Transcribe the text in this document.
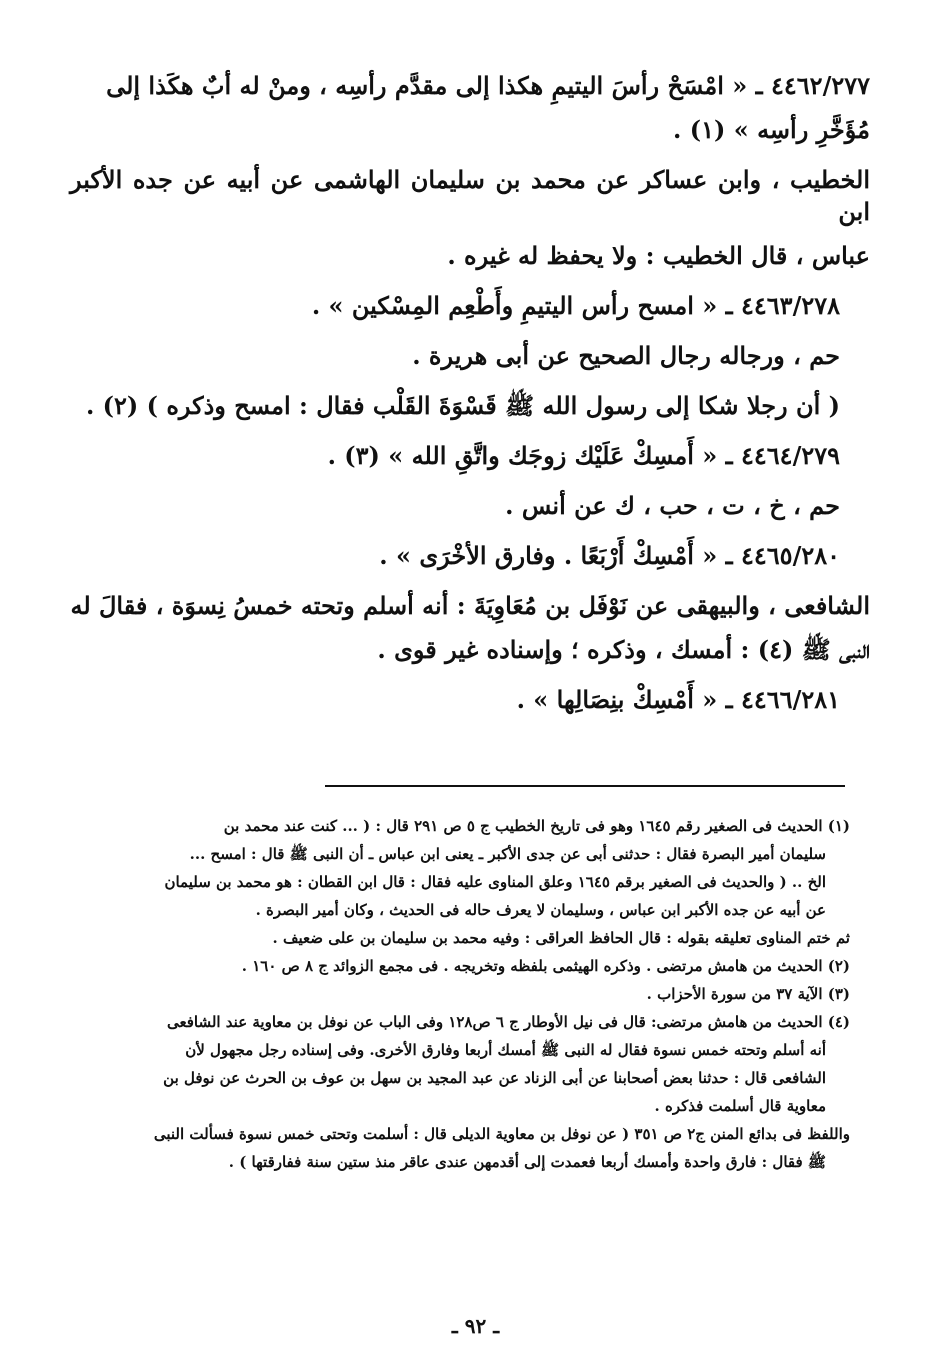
٤٤٦٢/٢٧٧ ـ « امْسَحْ رأسَ اليتيمِ هكذا إلى مقدَّم رأسِه ، ومنْ له أبٌ هكَذا إلى

مُؤَخَّرِ رأسِه » (١) .

الخطيب ، وابن عساكر عن محمد بن سليمان الهاشمى عن أبيه عن جده الأكبر ابن

عباس ، قال الخطيب : ولا يحفظ له غيره .

٤٤٦٣/٢٧٨ ـ « امسح رأس اليتيمِ وأَطْعِم المِسْكين » .

حم ، ورجاله رجال الصحيح عن أبى هريرة .

( أن رجلا شكا إلى رسول الله ﷺ قَسْوَةَ القَلْب فقال : امسح وذكره ) (٢) .

٤٤٦٤/٢٧٩ ـ « أَمسِكْ عَلَيْك زوجَك واتَّقِ الله » (٣) .

حم ، خ ، ت ، حب ، ك عن أنس .

٤٤٦٥/٢٨٠ ـ « أَمْسِكْ أَرْبَعًا . وفارق الأخْرَى » .

الشافعى ، والبيهقى عن نَوْفَل بن مُعَاوِيَةَ : أنه أسلم وتحته خمسُ نِسوَة ، فقالَ له

النبى ﷺ (٤) : أمسك ، وذكره ؛ وإسناده غير قوى .

٤٤٦٦/٢٨١ ـ « أَمْسِكْ بنِصَالِها » .

(١) الحديث فى الصغير رقم ١٦٤٥ وهو فى تاريخ الخطيب ج ٥ ص ٢٩١ قال : ( ... كنت عند محمد بن

سليمان أمير البصرة فقال : حدثنى أبى عن جدى الأكبر ـ يعنى ابن عباس ـ أن النبى ﷺ قال : امسح ...

الخ .. ( والحديث فى الصغير برقم ١٦٤٥ وعلق المناوى عليه فقال : قال ابن القطان : هو محمد بن سليمان

عن أبيه عن جده الأكبر ابن عباس ، وسليمان لا يعرف حاله فى الحديث ، وكان أمير البصرة .

ثم ختم المناوى تعليقه بقوله : قال الحافظ العراقى : وفيه محمد بن سليمان بن على ضعيف .

(٢) الحديث من هامش مرتضى . وذكره الهيثمى بلفظه وتخريجه . فى مجمع الزوائد ج ٨ ص ١٦٠ .

(٣) الآية ٣٧ من سورة الأحزاب .

(٤) الحديث من هامش مرتضى: قال فى نيل الأوطار ج ٦ ص١٢٨ وفى الباب عن نوفل بن معاوية عند الشافعى

أنه أسلم وتحته خمس نسوة فقال له النبى ﷺ أمسك أربعا وفارق الأخرى. وفى إسناده رجل مجهول لأن

الشافعى قال : حدثنا بعض أصحابنا عن أبى الزناد عن عبد المجيد بن سهل بن عوف بن الحرث عن نوفل بن

معاوية قال أسلمت فذكره .

واللفظ فى بدائع المنن ج٢ ص ٣٥١ ( عن نوفل بن معاوية الديلى قال : أسلمت وتحتى خمس نسوة فسألت النبى

ﷺ فقال : فارق واحدة وأمسك أربعا فعمدت إلى أقدمهن عندى عاقر منذ ستين سنة ففارقتها ) .

ـ ٩٢ ـ
